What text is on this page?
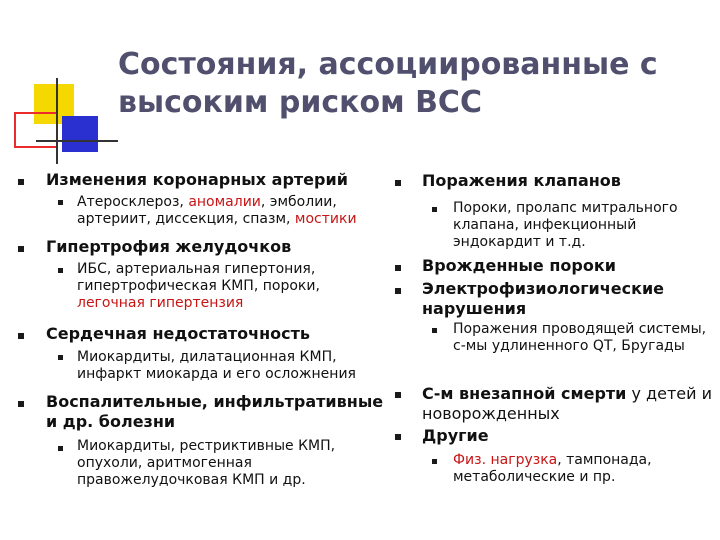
Состояния, ассоциированные с
высоким риском ВСС
Изменения коронарных артерий
Атеросклероз, аномалии, эмболии,
артериит, диссекция, спазм, мостики
Гипертрофия желудочков
ИБС, артериальная гипертония,
гипертрофическая КМП, пороки,
легочная гипертензия
Сердечная недостаточность
Миокардиты, дилатационная КМП,
инфаркт миокарда и его осложнения
Воспалительные, инфильтративные
и др. болезни
Миокардиты, рестриктивные КМП,
опухоли, аритмогенная
правожелудочковая КМП и др.
Поражения клапанов
Пороки, пролапс митрального
клапана, инфекционный
эндокардит и т.д.
Врожденные пороки
Электрофизиологические
нарушения
Поражения проводящей системы,
с-мы удлиненного QT, Бругады
С-м внезапной смерти у детей и
новорожденных
Другие
Физ. нагрузка, тампонада,
метаболические и пр.
